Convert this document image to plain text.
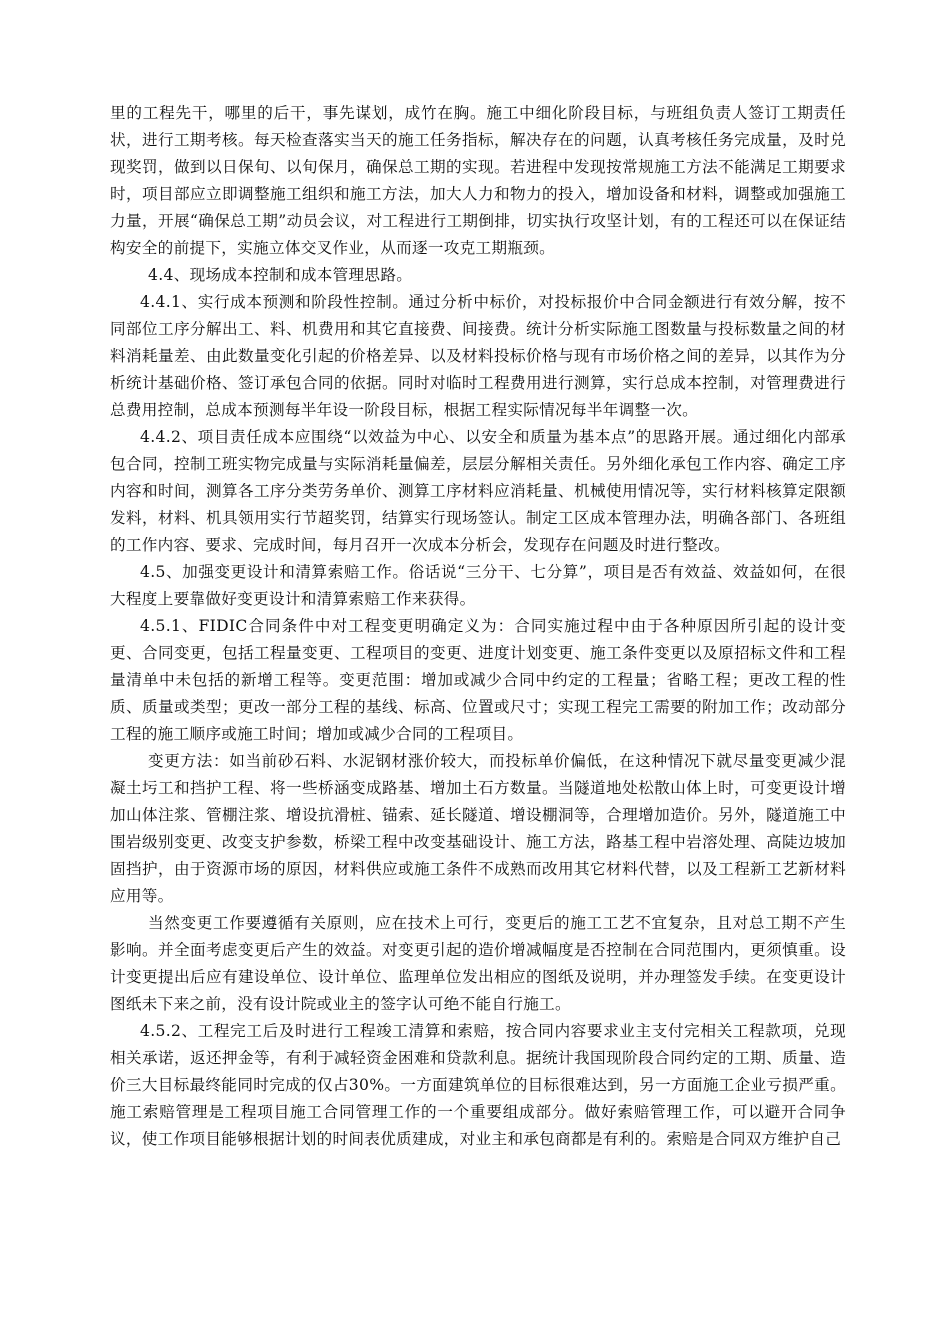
里的工程先干，哪里的后干，事先谋划，成竹在胸。施工中细化阶段目标，与班组负责人签订工期责任状，进行工期考核。每天检查落实当天的施工任务指标，解决存在的问题，认真考核任务完成量，及时兑现奖罚，做到以日保旬、以旬保月，确保总工期的实现。若进程中发现按常规施工方法不能满足工期要求时，项目部应立即调整施工组织和施工方法，加大人力和物力的投入，增加设备和材料，调整或加强施工力量，开展“确保总工期”动员会议，对工程进行工期倒排，切实执行攻坚计划，有的工程还可以在保证结构安全的前提下，实施立体交叉作业，从而逐一攻克工期瓶颈。

4.4、现场成本控制和成本管理思路。

4.4.1、实行成本预测和阶段性控制。通过分析中标价，对投标报价中合同金额进行有效分解，按不同部位工序分解出工、料、机费用和其它直接费、间接费。统计分析实际施工图数量与投标数量之间的材料消耗量差、由此数量变化引起的价格差异、以及材料投标价格与现有市场价格之间的差异，以其作为分析统计基础价格、签订承包合同的依据。同时对临时工程费用进行测算，实行总成本控制，对管理费进行总费用控制，总成本预测每半年设一阶段目标，根据工程实际情况每半年调整一次。

4.4.2、项目责任成本应围绕“以效益为中心、以安全和质量为基本点”的思路开展。通过细化内部承包合同，控制工班实物完成量与实际消耗量偏差，层层分解相关责任。另外细化承包工作内容、确定工序内容和时间，测算各工序分类劳务单价、测算工序材料应消耗量、机械使用情况等，实行材料核算定限额发料，材料、机具领用实行节超奖罚，结算实行现场签认。制定工区成本管理办法，明确各部门、各班组的工作内容、要求、完成时间，每月召开一次成本分析会，发现存在问题及时进行整改。

4.5、加强变更设计和清算索赔工作。俗话说“三分干、七分算”，项目是否有效益、效益如何，在很大程度上要靠做好变更设计和清算索赔工作来获得。

4.5.1、FIDIC合同条件中对工程变更明确定义为：合同实施过程中由于各种原因所引起的设计变更、合同变更，包括工程量变更、工程项目的变更、进度计划变更、施工条件变更以及原招标文件和工程量清单中未包括的新增工程等。变更范围：增加或减少合同中约定的工程量；省略工程；更改工程的性质、质量或类型；更改一部分工程的基线、标高、位置或尺寸；实现工程完工需要的附加工作；改动部分工程的施工顺序或施工时间；增加或减少合同的工程项目。

变更方法：如当前砂石料、水泥钢材涨价较大，而投标单价偏低，在这种情况下就尽量变更减少混凝土圬工和挡护工程、将一些桥涵变成路基、增加土石方数量。当隧道地处松散山体上时，可变更设计增加山体注浆、管棚注浆、增设抗滑桩、锚索、延长隧道、增设棚洞等，合理增加造价。另外，隧道施工中围岩级别变更、改变支护参数，桥梁工程中改变基础设计、施工方法，路基工程中岩溶处理、高陡边坡加固挡护，由于资源市场的原因，材料供应或施工条件不成熟而改用其它材料代替，以及工程新工艺新材料应用等。

当然变更工作要遵循有关原则，应在技术上可行，变更后的施工工艺不宜复杂，且对总工期不产生影响。并全面考虑变更后产生的效益。对变更引起的造价增减幅度是否控制在合同范围内，更须慎重。设计变更提出后应有建设单位、设计单位、监理单位发出相应的图纸及说明，并办理签发手续。在变更设计图纸未下来之前，没有设计院或业主的签字认可绝不能自行施工。

4.5.2、工程完工后及时进行工程竣工清算和索赔，按合同内容要求业主支付完相关工程款项，兑现相关承诺，返还押金等，有利于减轻资金困难和贷款利息。据统计我国现阶段合同约定的工期、质量、造价三大目标最终能同时完成的仅占30%。一方面建筑单位的目标很难达到，另一方面施工企业亏损严重。施工索赔管理是工程项目施工合同管理工作的一个重要组成部分。做好索赔管理工作，可以避开合同争议，使工作项目能够根据计划的时间表优质建成，对业主和承包商都是有利的。索赔是合同双方维护自己
